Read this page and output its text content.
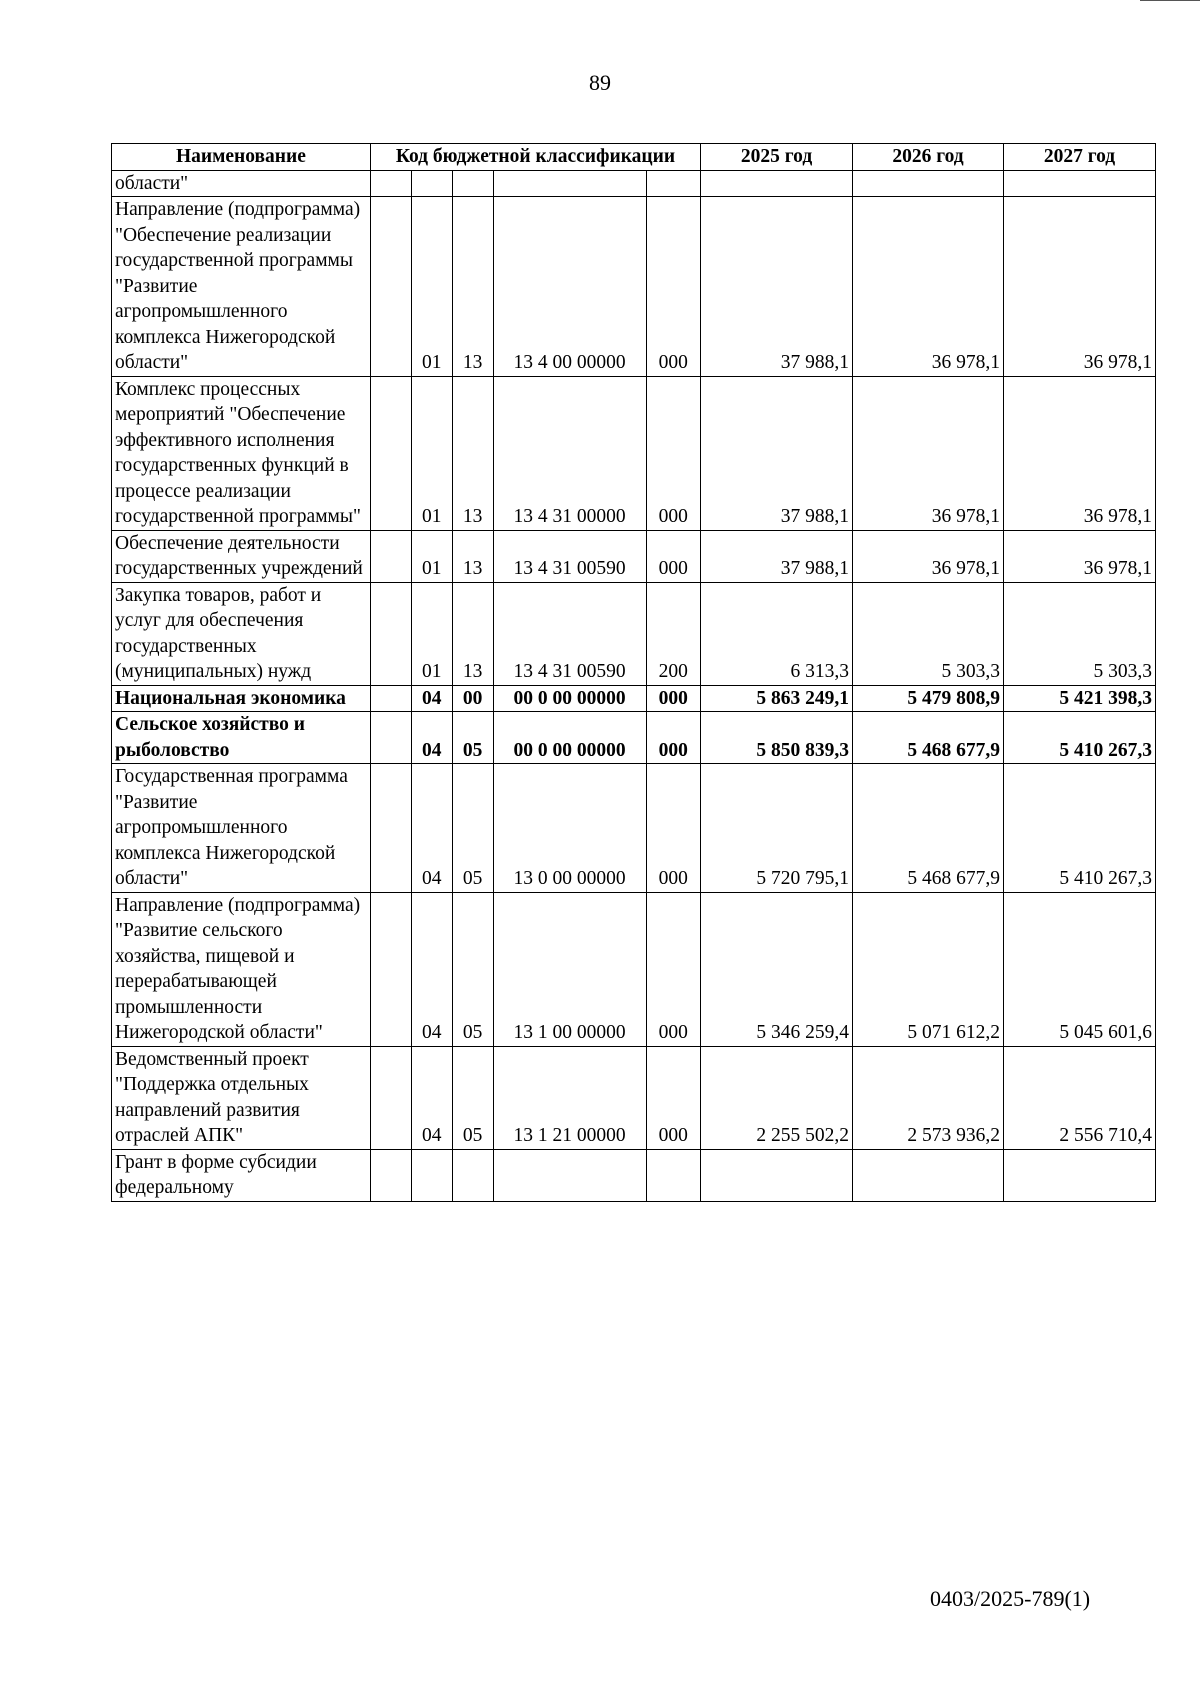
89
Наименование	Код бюджетной классификации					2025 год	2026 год	2027 год
области"								
Направление (подпрограмма) "Обеспечение реализации государственной программы "Развитие агропромышленного комплекса Нижегородской области"		01	13	13 4 00 00000	000	37 988,1	36 978,1	36 978,1
Комплекс процессных мероприятий "Обеспечение эффективного исполнения государственных функций в процессе реализации государственной программы"		01	13	13 4 31 00000	000	37 988,1	36 978,1	36 978,1
Обеспечение деятельности государственных учреждений		01	13	13 4 31 00590	000	37 988,1	36 978,1	36 978,1
Закупка товаров, работ и услуг для обеспечения государственных (муниципальных) нужд		01	13	13 4 31 00590	200	6 313,3	5 303,3	5 303,3
Национальная экономика		04	00	00 0 00 00000	000	5 863 249,1	5 479 808,9	5 421 398,3
Сельское хозяйство и рыболовство		04	05	00 0 00 00000	000	5 850 839,3	5 468 677,9	5 410 267,3
Государственная программа "Развитие агропромышленного комплекса Нижегородской области"		04	05	13 0 00 00000	000	5 720 795,1	5 468 677,9	5 410 267,3
Направление (подпрограмма) "Развитие сельского хозяйства, пищевой и перерабатывающей промышленности Нижегородской области"		04	05	13 1 00 00000	000	5 346 259,4	5 071 612,2	5 045 601,6
Ведомственный проект "Поддержка отдельных направлений развития отраслей АПК"		04	05	13 1 21 00000	000	2 255 502,2	2 573 936,2	2 556 710,4
Грант в форме субсидии федеральному								
0403/2025-789(1)
